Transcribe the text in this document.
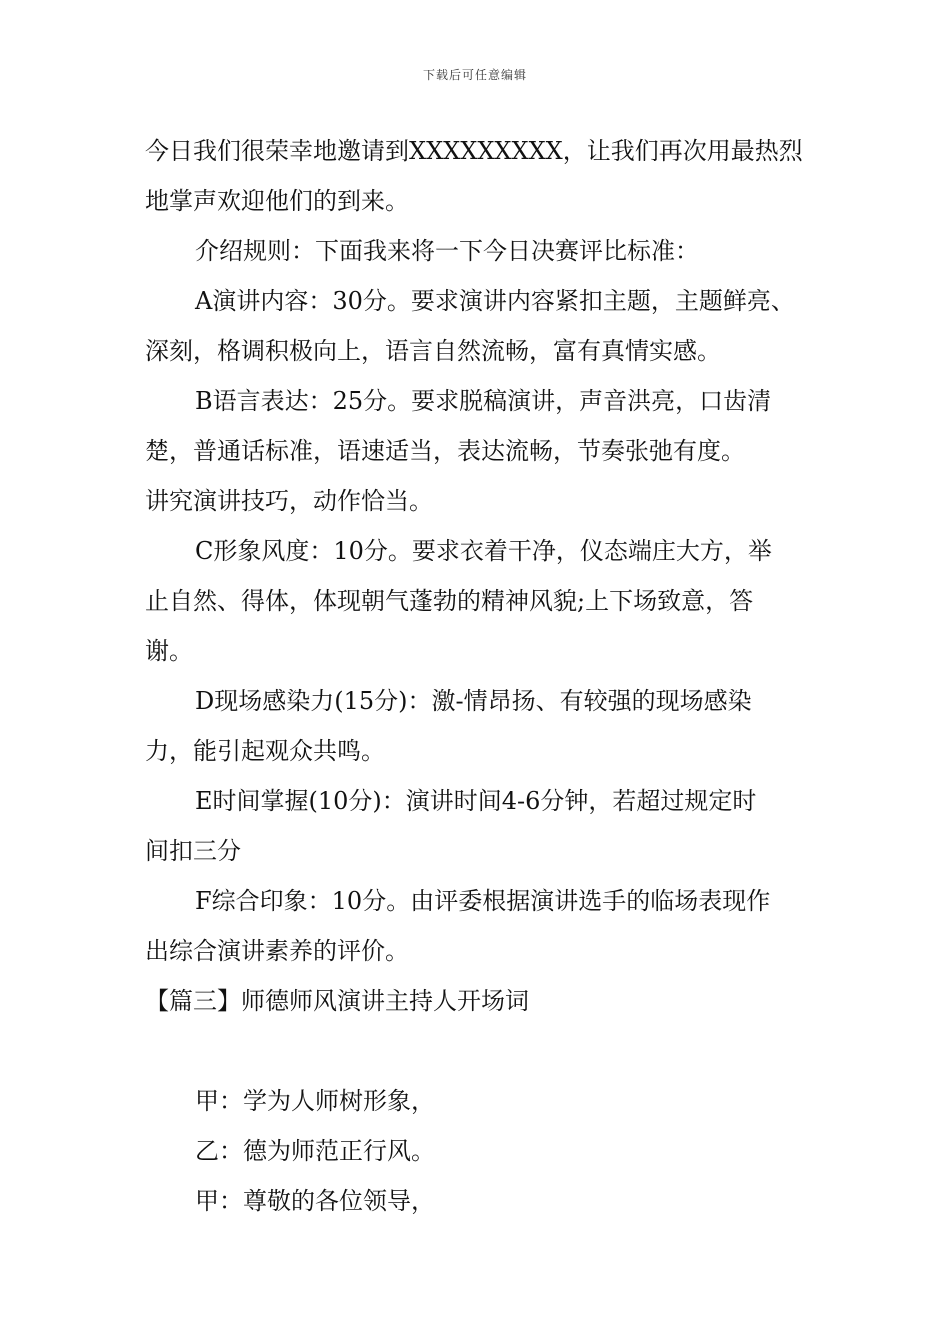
下载后可任意编辑
今日我们很荣幸地邀请到XXXXXXXXX，让我们再次用最热烈
地掌声欢迎他们的到来。
介绍规则：下面我来将一下今日决赛评比标准：
A演讲内容：30分。要求演讲内容紧扣主题，主题鲜亮、
深刻，格调积极向上，语言自然流畅，富有真情实感。
B语言表达：25分。要求脱稿演讲，声音洪亮，口齿清
楚，普通话标准，语速适当，表达流畅，节奏张弛有度。
讲究演讲技巧，动作恰当。
C形象风度：10分。要求衣着干净，仪态端庄大方，举
止自然、得体，体现朝气蓬勃的精神风貌;上下场致意，答
谢。
D现场感染力(15分)：激-情昂扬、有较强的现场感染
力，能引起观众共鸣。
E时间掌握(10分)：演讲时间4-6分钟，若超过规定时
间扣三分
F综合印象：10分。由评委根据演讲选手的临场表现作
出综合演讲素养的评价。
【篇三】师德师风演讲主持人开场词
甲：学为人师树形象，
乙：德为师范正行风。
甲：尊敬的各位领导，
